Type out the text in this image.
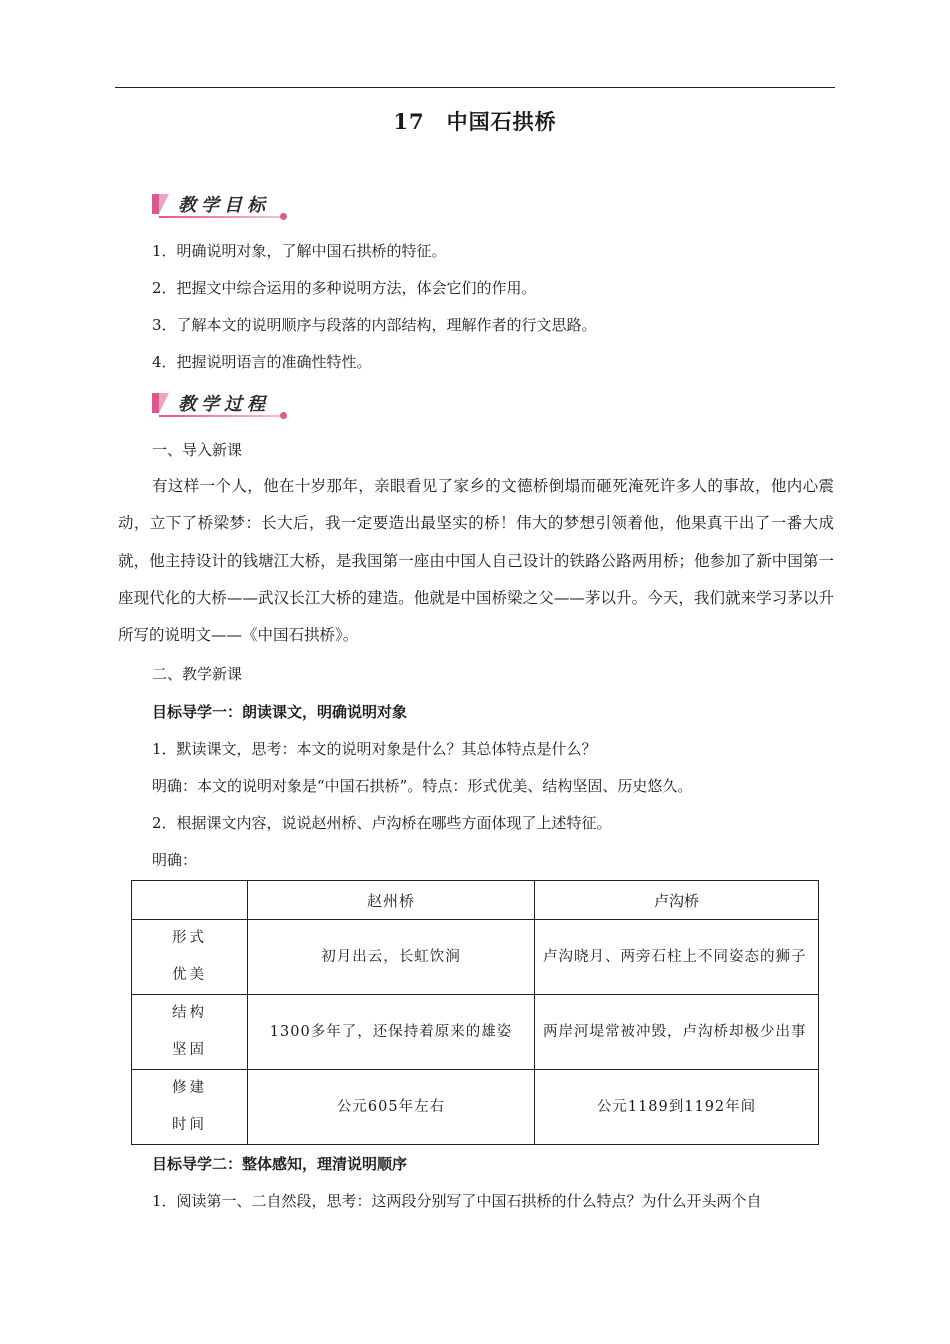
17 中国石拱桥
教学目标
1．明确说明对象，了解中国石拱桥的特征。
2．把握文中综合运用的多种说明方法，体会它们的作用。
3．了解本文的说明顺序与段落的内部结构，理解作者的行文思路。
4．把握说明语言的准确性特性。
教学过程
一、导入新课
有这样一个人，他在十岁那年，亲眼看见了家乡的文德桥倒塌而砸死淹死许多人的事故，他内心震动，立下了桥梁梦：长大后，我一定要造出最坚实的桥！伟大的梦想引领着他，他果真干出了一番大成就，他主持设计的钱塘江大桥，是我国第一座由中国人自己设计的铁路公路两用桥；他参加了新中国第一座现代化的大桥——武汉长江大桥的建造。他就是中国桥梁之父——茅以升。今天，我们就来学习茅以升所写的说明文——《中国石拱桥》。
二、教学新课
目标导学一：朗读课文，明确说明对象
1．默读课文，思考：本文的说明对象是什么？其总体特点是什么？
明确：本文的说明对象是“中国石拱桥”。特点：形式优美、结构坚固、历史悠久。
2．根据课文内容，说说赵州桥、卢沟桥在哪些方面体现了上述特征。
明确：
	赵州桥	卢沟桥
形式
优美	初月出云，长虹饮涧	卢沟晓月、两旁石柱上不同姿态的狮子
结构
坚固	1300多年了，还保持着原来的雄姿	两岸河堤常被冲毁，卢沟桥却极少出事
修建
时间	公元605年左右	公元1189到1192年间
目标导学二：整体感知，理清说明顺序
1．阅读第一、二自然段，思考：这两段分别写了中国石拱桥的什么特点？为什么开头两个自
